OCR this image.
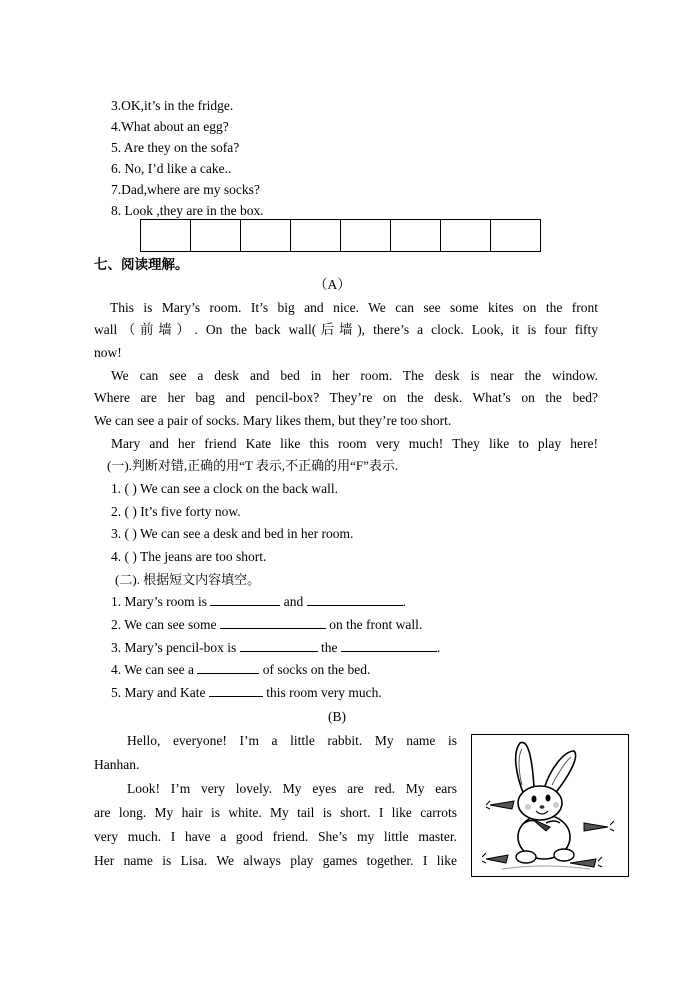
3.OK,it’s in the fridge.
4.What about an egg?
5. Are they on the sofa?
6. No, I’d like a cake..
7.Dad,where are my socks?
8. Look ,they are in the box.

七、阅读理解。
（A）
This is Mary’s room. It’s big and nice. We can see some kites on the front
wall（前墙）. On the back wall(后墙), there’s a clock. Look, it is four fifty
now!
We can see a desk and bed in her room. The desk is near the window.
Where are her bag and pencil-box? They’re on the desk. What’s on the bed?
We can see a pair of socks. Mary likes them, but they’re too short.
Mary and her friend Kate like this room very much! They like to play here!
(一).判断对错,正确的用“T 表示,不正确的用“F”表示.
1. ( ) We can see a clock on the back wall.
2. ( ) It’s five forty now.
3. ( ) We can see a desk and bed in her room.
4. ( ) The jeans are too short.
(二). 根据短文内容填空。
1. Mary’s room is	and	.
2. We can see some	on the front wall.
3. Mary’s pencil-box is	the	.
4. We can see a	of socks on the bed.
5. Mary and Kate	this room very much.
(B)
Hello, everyone! I’m a little rabbit. My name is
Hanhan.
Look! I’m very lovely. My eyes are red. My ears
are long. My hair is white. My tail is short. I like carrots
very much. I have a good friend. She’s my little master.
Her name is Lisa. We always play games together. I like
